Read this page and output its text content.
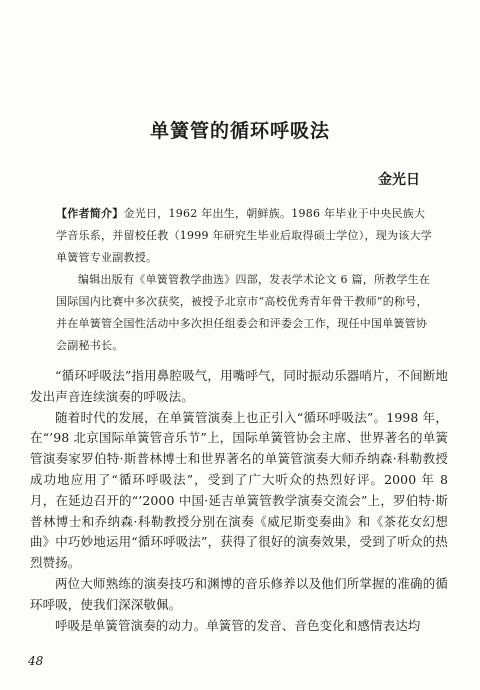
单簧管的循环呼吸法
金光日

【作者简介】金光日，1962 年出生，朝鲜族。1986 年毕业于中央民族大学音乐系，并留校任教（1999 年研究生毕业后取得硕士学位），现为该大学单簧管专业副教授。

编辑出版有《单簧管教学曲选》四部，发表学术论文 6 篇，所教学生在国际国内比赛中多次获奖，被授予北京市“高校优秀青年骨干教师”的称号，并在单簧管全国性活动中多次担任组委会和评委会工作，现任中国单簧管协会副秘书长。

“循环呼吸法”指用鼻腔吸气，用嘴呼气，同时振动乐器哨片，不间断地发出声音连续演奏的呼吸法。

随着时代的发展，在单簧管演奏上也正引入“循环呼吸法”。1998 年，在“’98 北京国际单簧管音乐节”上，国际单簧管协会主席、世界著名的单簧管演奏家罗伯特·斯普林博士和世界著名的单簧管演奏大师乔纳森·科勒教授成功地应用了“循环呼吸法”，受到了广大听众的热烈好评。2000 年 8 月，在延边召开的“’2000 中国·延吉单簧管教学演奏交流会”上，罗伯特·斯普林博士和乔纳森·科勒教授分别在演奏《威尼斯变奏曲》和《茶花女幻想曲》中巧妙地运用“循环呼吸法”，获得了很好的演奏效果，受到了听众的热烈赞扬。

两位大师熟练的演奏技巧和渊博的音乐修养以及他们所掌握的准确的循环呼吸，使我们深深敬佩。

呼吸是单簧管演奏的动力。单簧管的发音、音色变化和感情表达均

48
